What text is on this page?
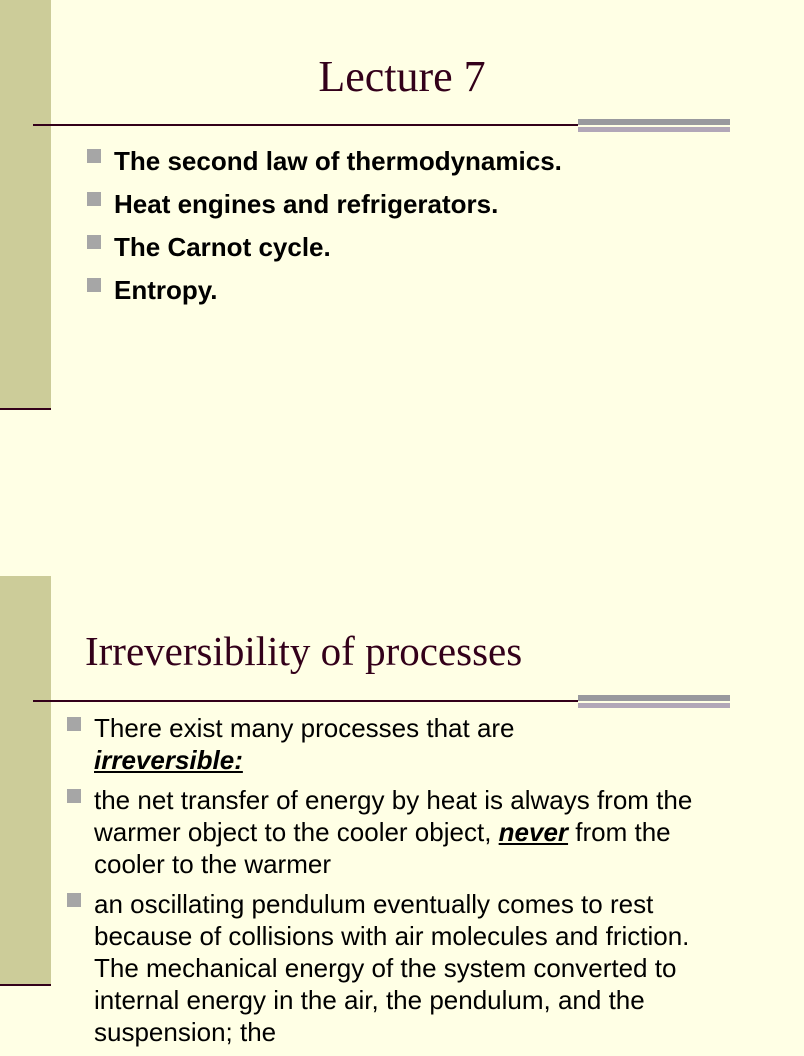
Lecture 7
The second law of thermodynamics.
Heat engines and refrigerators.
The Carnot cycle.
Entropy.
Irreversibility of processes
There exist many processes that are
irreversible:
the net transfer of energy by heat is always from the warmer object to the cooler object, never from the cooler to the warmer
an oscillating pendulum eventually comes to rest because of collisions with air molecules and friction. The mechanical energy of the system converted to internal energy in the air, the pendulum, and the suspension; the
